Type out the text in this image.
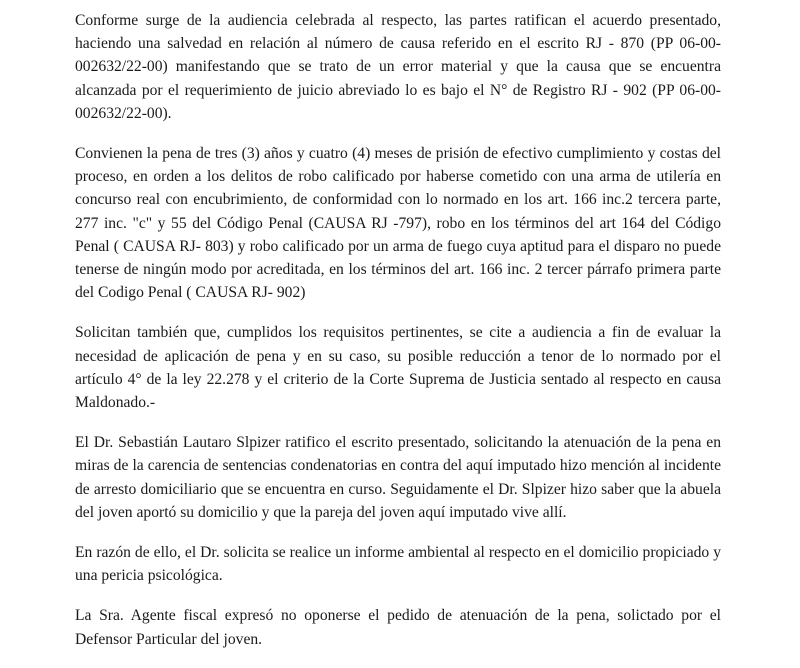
Conforme surge de la audiencia celebrada al respecto, las partes ratifican el acuerdo presentado, haciendo una salvedad en relación al número de causa referido en el escrito RJ - 870 (PP 06-00-002632/22-00) manifestando que se trato de un error material y que la causa que se encuentra alcanzada por el requerimiento de juicio abreviado lo es bajo el N° de Registro RJ - 902 (PP 06-00-002632/22-00).

Convienen la pena de tres (3) años y cuatro (4) meses de prisión de efectivo cumplimiento y costas del proceso, en orden a los delitos de robo calificado por haberse cometido con una arma de utilería en concurso real con encubrimiento, de conformidad con lo normado en los art. 166 inc.2 tercera parte, 277 inc. "c" y 55 del Código Penal (CAUSA RJ -797), robo en los términos del art 164 del Código Penal ( CAUSA RJ- 803) y robo calificado por un arma de fuego cuya aptitud para el disparo no puede tenerse de ningún modo por acreditada, en los términos del art. 166 inc. 2 tercer párrafo primera parte del Codigo Penal ( CAUSA RJ- 902)

Solicitan también que, cumplidos los requisitos pertinentes, se cite a audiencia a fin de evaluar la necesidad de aplicación de pena y en su caso, su posible reducción a tenor de lo normado por el artículo 4° de la ley 22.278 y el criterio de la Corte Suprema de Justicia sentado al respecto en causa Maldonado.-

El Dr. Sebastián Lautaro Slpizer ratifico el escrito presentado, solicitando la atenuación de la pena en miras de la carencia de sentencias condenatorias en contra del aquí imputado hizo mención al incidente de arresto domiciliario que se encuentra en curso. Seguidamente el Dr. Slpizer hizo saber que la abuela del joven aportó su domicilio y que la pareja del joven aquí imputado vive allí.

En razón de ello, el Dr. solicita se realice un informe ambiental al respecto en el domicilio propiciado y una pericia psicológica.

La Sra. Agente fiscal expresó no oponerse el pedido de atenuación de la pena, solictado por el Defensor Particular del joven.
